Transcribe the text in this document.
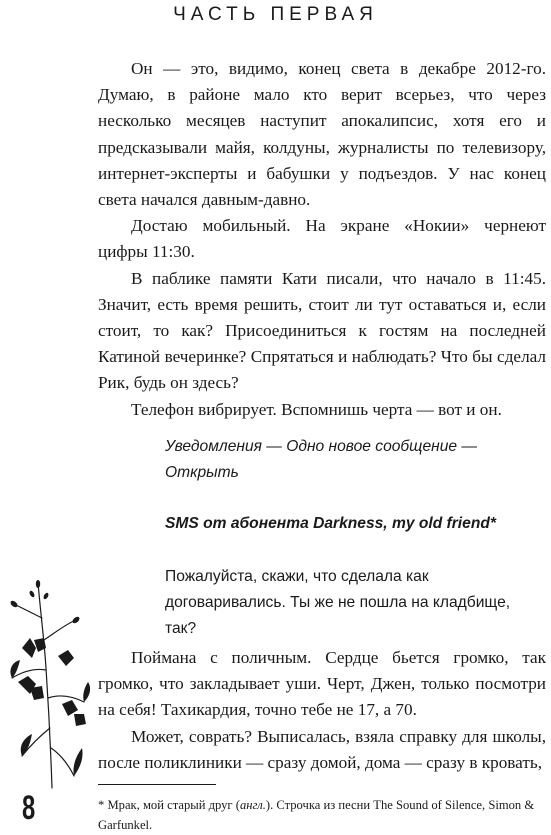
ЧАСТЬ ПЕРВАЯ

Он — это, видимо, конец света в декабре 2012-го. Думаю, в районе мало кто верит всерьез, что через несколько месяцев наступит апокалипсис, хотя его и предсказывали майя, колдуны, журналисты по телевизору, интернет-эксперты и бабушки у подъездов. У нас конец света начался давным-давно.

Достаю мобильный. На экране «Нокии» чернеют цифры 11:30.

В паблике памяти Кати писали, что начало в 11:45. Значит, есть время решить, стоит ли тут оставаться и, если стоит, то как? Присоединиться к гостям на последней Катиной вечеринке? Спрятаться и наблюдать? Что бы сделал Рик, будь он здесь?

Телефон вибрирует. Вспомнишь черта — вот и он.

Уведомления — Одно новое сообщение — Открыть
SMS от абонента Darkness, my old friend*
Пожалуйста, скажи, что сделала как договаривались. Ты же не пошла на кладбище, так?

Поймана с поличным. Сердце бьется громко, так громко, что закладывает уши. Черт, Джен, только посмотри на себя! Тахикардия, точно тебе не 17, а 70.

Может, соврать? Выписалась, взяла справку для школы, после поликлиники — сразу домой, дома — сразу в кровать,

* Мрак, мой старый друг (англ.). Строчка из песни The Sound of Silence, Simon & Garfunkel.
8
